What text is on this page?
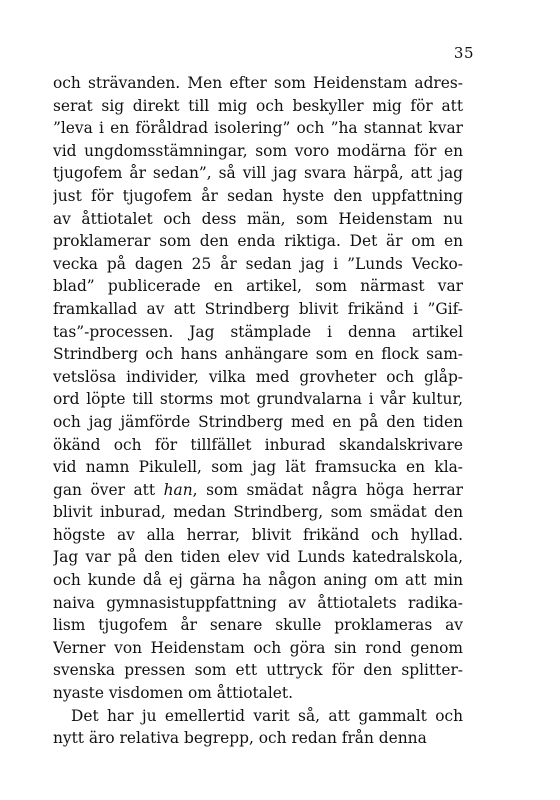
35
och strävanden. Men efter som Heidenstam adres-
serat sig direkt till mig och beskyller mig för att
”leva i en föråldrad isolering” och ”ha stannat kvar
vid ungdomsstämningar, som voro modärna för en
tjugofem år sedan”, så vill jag svara härpå, att jag
just för tjugofem år sedan hyste den uppfattning
av åttiotalet och dess män, som Heidenstam nu
proklamerar som den enda riktiga. Det är om en
vecka på dagen 25 år sedan jag i ”Lunds Vecko-
blad” publicerade en artikel, som närmast var
framkallad av att Strindberg blivit frikänd i ”Gif-
tas”-processen. Jag stämplade i denna artikel
Strindberg och hans anhängare som en flock sam-
vetslösa individer, vilka med grovheter och glåp-
ord löpte till storms mot grundvalarna i vår kultur,
och jag jämförde Strindberg med en på den tiden
ökänd och för tillfället inburad skandalskrivare
vid namn Pikulell, som jag lät framsucka en kla-
gan över att han, som smädat några höga herrar
blivit inburad, medan Strindberg, som smädat den
högste av alla herrar, blivit frikänd och hyllad.
Jag var på den tiden elev vid Lunds katedralskola,
och kunde då ej gärna ha någon aning om att min
naiva gymnasistuppfattning av åttiotalets radika-
lism tjugofem år senare skulle proklameras av
Verner von Heidenstam och göra sin rond genom
svenska pressen som ett uttryck för den splitter-
nyaste visdomen om åttiotalet.
Det har ju emellertid varit så, att gammalt och
nytt äro relativa begrepp, och redan från denna
